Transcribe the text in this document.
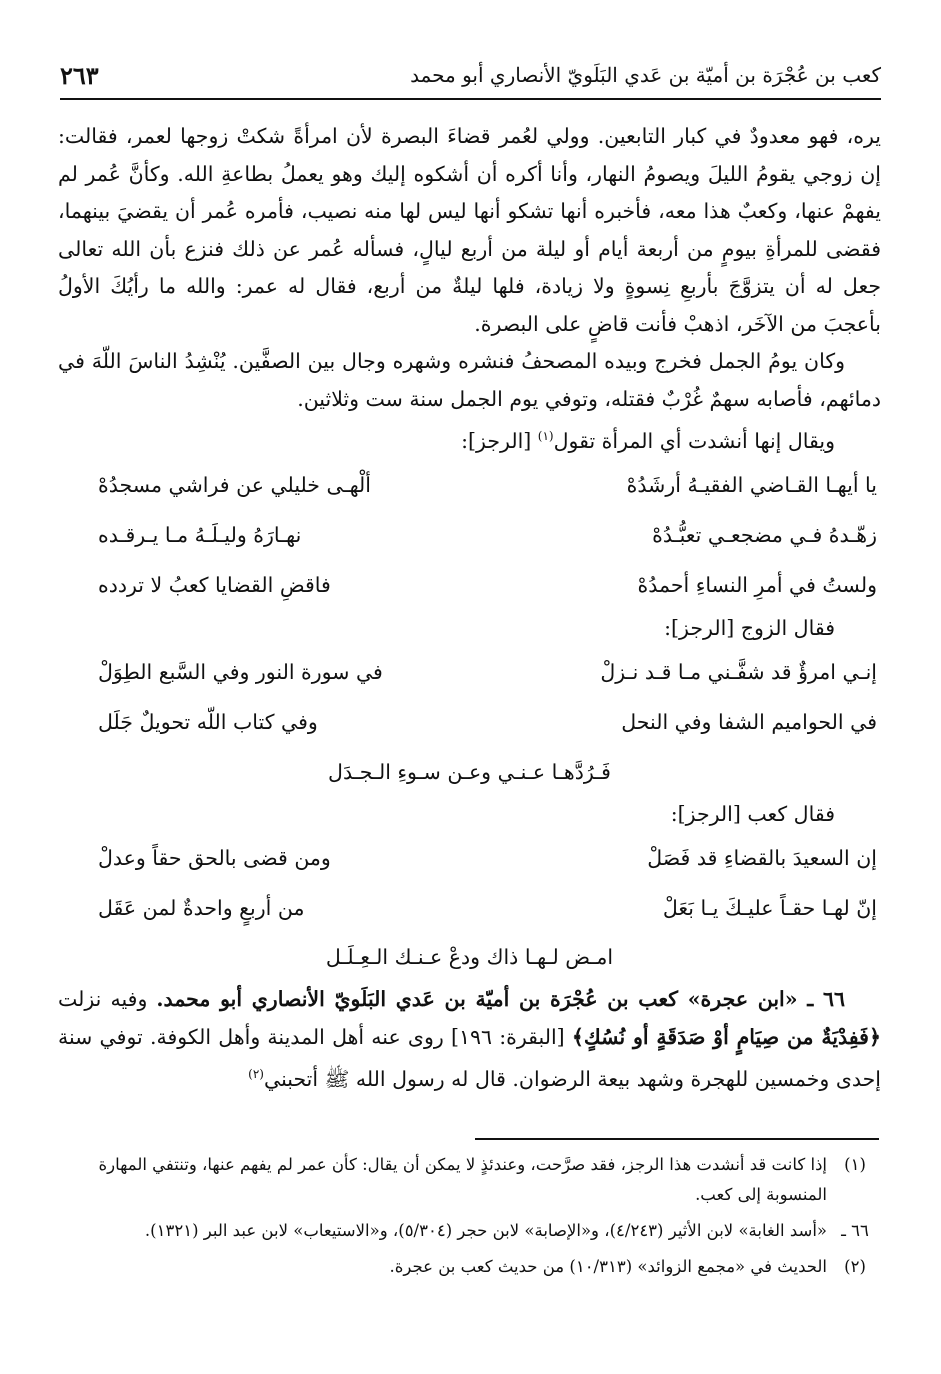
كعب بن عُجْرَة بن أميّة بن عَدي البَلَويّ الأنصاري أبو محمد
٢٦٣

يره، فهو معدودٌ في كبار التابعين. وولي لعُمر قضاءَ البصرة لأن امرأةً شكتْ زوجها لعمر، فقالت: إن زوجي يقومُ الليلَ ويصومُ النهار، وأنا أكره أن أشكوه إليك وهو يعملُ بطاعةِ الله. وكأنَّ عُمر لم يفهمْ عنها، وكعبٌ هذا معه، فأخبره أنها تشكو أنها ليس لها منه نصيب، فأمره عُمر أن يقضيَ بينهما، فقضى للمرأةِ بيومٍ من أربعة أيام أو ليلة من أربع ليالٍ، فسأله عُمر عن ذلك فنزع بأن الله تعالى جعل له أن يتزوَّجَ بأربعِ نِسوةٍ ولا زيادة، فلها ليلةٌ من أربع، فقال له عمر: والله ما رأيُكَ الأولُ بأعجبَ من الآخَر، اذهبْ فأنت قاضٍ على البصرة.

وكان يومُ الجمل فخرج وبيده المصحفُ فنشره وشهره وجال بين الصفَّين. يُنْشِدُ الناسَ اللّهَ في دمائهم، فأصابه سهمٌ غُرْبٌ فقتله، وتوفي يوم الجمل سنة ست وثلاثين.

ويقال إنها أنشدت أي المرأة تقول$^{(١)}$ [الرجز]:

يا أيهـا القـاضي الفقيـهُ أرشَدُهْ
ألْهـى خليلي عن فراشي مسجدُهْ
زهّـدهُ فـي مضجعـي تعبُّـدُهْ
نهـارَهُ وليـلَـهُ مـا يـرقـده
ولستُ في أمرِ النساءِ أحمدُهْ
فاقضِ القضايا كعبُ لا تردده

فقال الزوج [الرجز]:

إنـي امرؤٌ قد شفَّـني مـا قـد نـزلْ
في سورة النور وفي السَّبع الطِوَلْ
في الحواميم الشفا وفي النحل
وفي كتاب اللّه تحويلٌ جَلَل
فَـرُدَّهـا عـنـي وعـن سـوءِ الـجـدَل

فقال كعب [الرجز]:

إن السعيدَ بالقضاءِ قد فَصَلْ
ومن قضى بالحق حقاً وعدلْ
إنّ لهـا حقـاً عليـكَ يـا بَعَلْ
من أربعٍ واحدةٌ لمن عَقَل
امـض لـهـا ذاك ودعْ عـنـك الـعِـلَـل

٦٦ ـ «ابن عجرة» كعب بن عُجْرَة بن أميّة بن عَدي البَلَويّ الأنصاري أبو محمد. وفيه نزلت ﴿فَفِدْيَةٌ من صِيَامٍ أوْ صَدَقَةٍ أو نُسُكٍ﴾ [البقرة: ١٩٦] روى عنه أهل المدينة وأهل الكوفة. توفي سنة إحدى وخمسين للهجرة وشهد بيعة الرضوان. قال له رسول الله ﷺ أتحبني$^{(٢)}$

(١)
إذا كانت قد أنشدت هذا الرجز، فقد صرَّحت، وعندئذٍ لا يمكن أن يقال: كأن عمر لم يفهم عنها، وتنتفي المهارة المنسوبة إلى كعب.
٦٦ ـ
«أسد الغابة» لابن الأثير (٤/٢٤٣)، و«الإصابة» لابن حجر (٥/٣٠٤)، و«الاستيعاب» لابن عبد البر (١٣٢١).
(٢)
الحديث في «مجمع الزوائد» (١٠/٣١٣) من حديث كعب بن عجرة.
